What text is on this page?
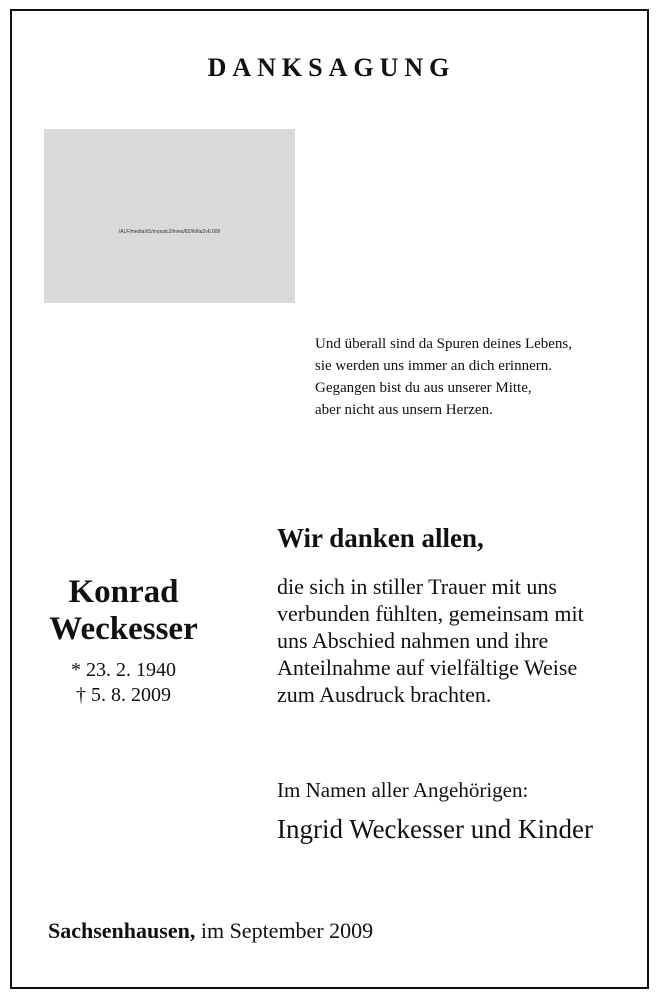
DANKSAGUNG
/ALF/media/d1/mosaic2/hires/82/ih/fia2v6.009
Und überall sind da Spuren deines Lebens,
sie werden uns immer an dich erinnern.
Gegangen bist du aus unserer Mitte,
aber nicht aus unsern Herzen.
Wir danken allen,
die sich in stiller Trauer mit uns
verbunden fühlten, gemeinsam mit
uns Abschied nahmen und ihre
Anteilnahme auf vielfältige Weise
zum Ausdruck brachten.
Konrad
Weckesser
* 23. 2. 1940
† 5. 8. 2009
Im Namen aller Angehörigen:
Ingrid Weckesser und Kinder
Sachsenhausen, im September 2009
